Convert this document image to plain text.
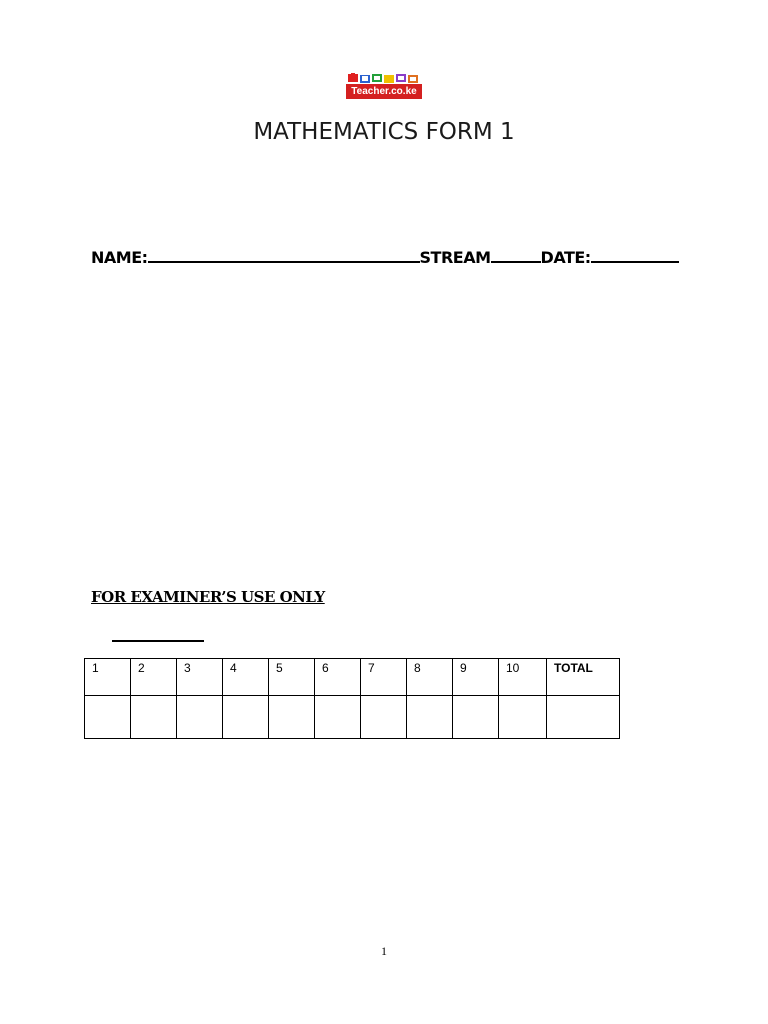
Teacher.co.ke
MATHEMATICS FORM 1
NAME:	STREAM	DATE:
FOR EXAMINER’S USE ONLY
1	2	3	4	5	6	7	8	9	10	TOTAL

1
